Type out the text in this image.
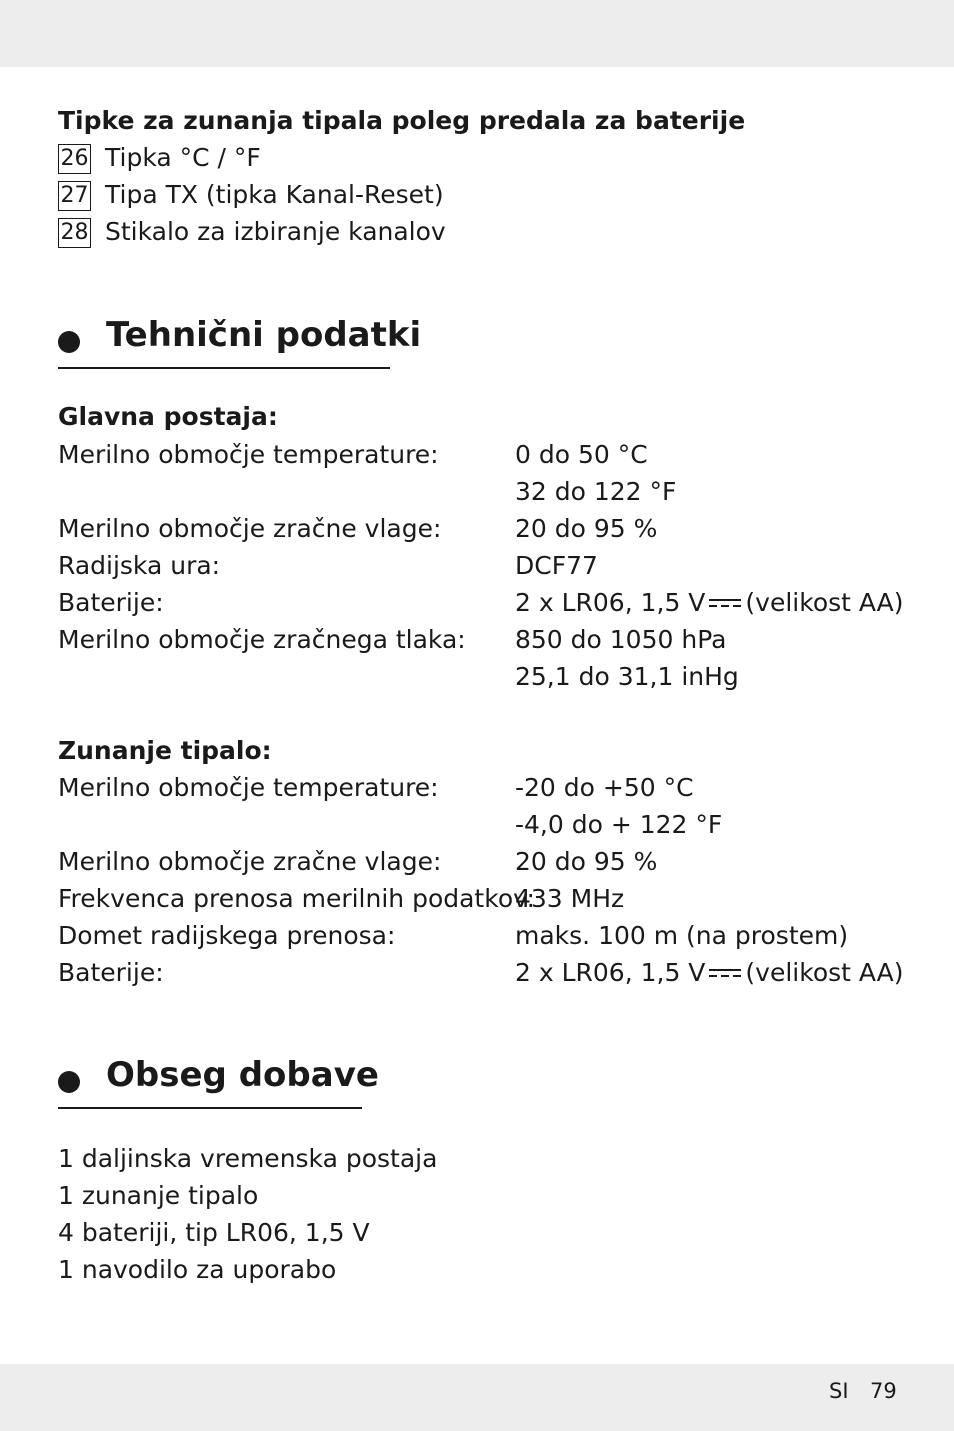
Tipke za zunanja tipala poleg predala za baterije
26 Tipka °C / °F
27 Tipa TX (tipka Kanal-Reset)
28 Stikalo za izbiranje kanalov
Tehnični podatki
Glavna postaja:
Merilno območje temperature:	0 do 50 °C
32 do 122 °F
Merilno območje zračne vlage:	20 do 95 %
Radijska ura:	DCF77
Baterije:	2 x LR06, 1,5 V (velikost AA)
Merilno območje zračnega tlaka: 850 do 1050 hPa
25,1 do 31,1 inHg
Zunanje tipalo:
Merilno območje temperature:	-20 do +50 °C
-4,0 do + 122 °F
Merilno območje zračne vlage:	20 do 95 %
Frekvenca prenosa merilnih podatkov:
433 MHz
Domet radijskega prenosa:	maks. 100 m (na prostem)
Baterije:	2 x LR06, 1,5 V (velikost AA)
Obseg dobave
1 daljinska vremenska postaja
1 zunanje tipalo
4 bateriji, tip LR06, 1,5 V
1 navodilo za uporabo
SI 79
